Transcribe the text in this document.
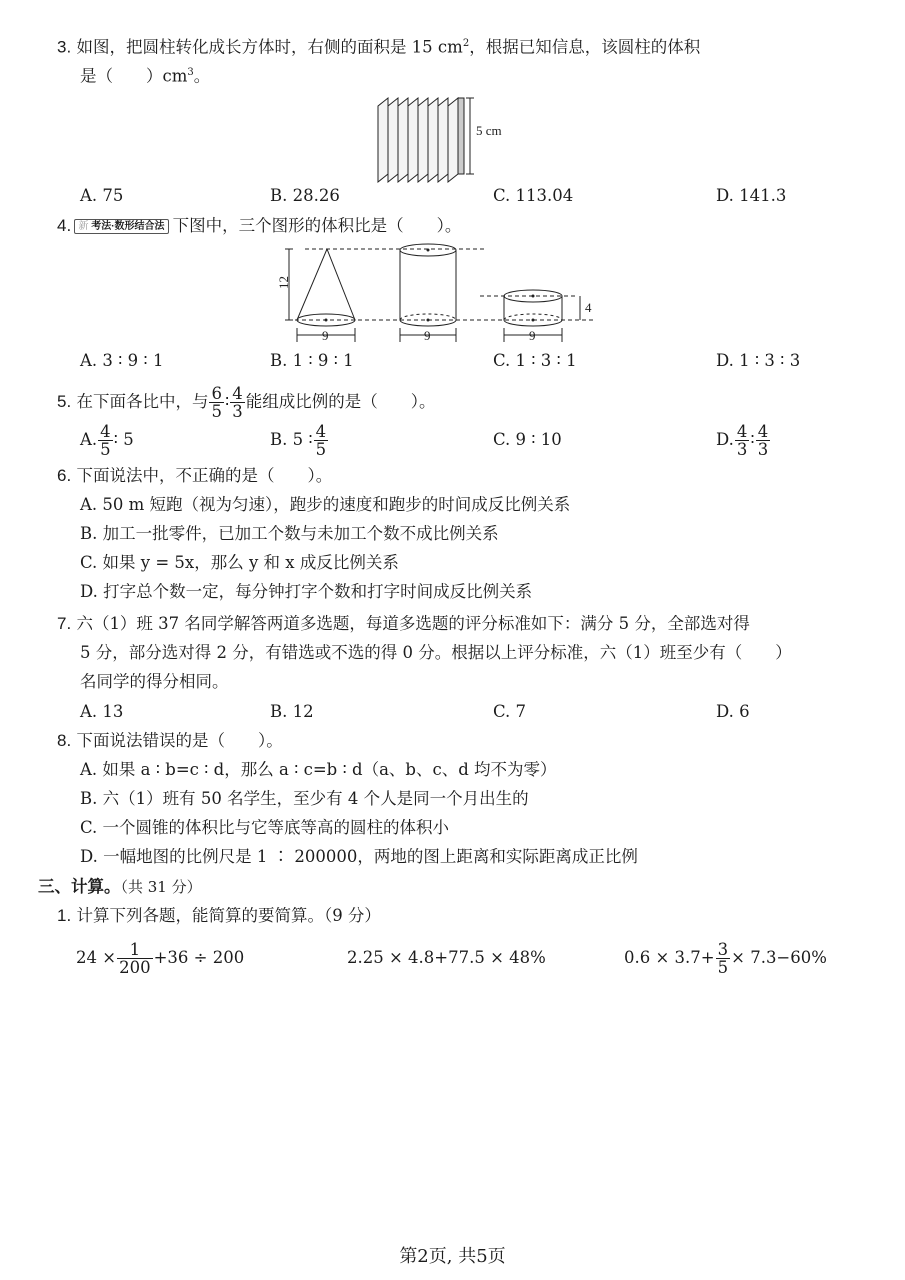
3. 如图，把圆柱转化成长方体时，右侧的面积是 15 $cm^2$，根据已知信息，该圆柱的体积
是（　　）$cm^3$。
5 cm
A. 75	B. 28.26	C. 113.04	D. 141.3
4. 新 考法·数形结合法 下图中，三个图形的体积比是（　　）。
12
9	9	9
4
A. 3 ∶ 9 ∶ 1	B. 1 ∶ 9 ∶ 1	C. 1 ∶ 3 ∶ 1	D. 1 ∶ 3 ∶ 3
5. 在下面各比中，与 $\frac{6}{5}$ ∶ $\frac{4}{3}$ 能组成比例的是（　　）。
A. $\frac{4}{5}$ ∶ 5	B. 5 ∶ $\frac{4}{5}$	C. 9 ∶ 10	D. $\frac{4}{3}$ ∶ $\frac{4}{3}$
6. 下面说法中，不正确的是（　　）。
A. 50 m 短跑（视为匀速），跑步的速度和跑步的时间成反比例关系
B. 加工一批零件，已加工个数与未加工个数不成比例关系
C. 如果 y = 5x，那么 y 和 x 成反比例关系
D. 打字总个数一定，每分钟打字个数和打字时间成反比例关系
7. 六（1）班 37 名同学解答两道多选题，每道多选题的评分标准如下：满分 5 分，全部选对得
5 分，部分选对得 2 分，有错选或不选的得 0 分。根据以上评分标准，六（1）班至少有（　　）
名同学的得分相同。
A. 13	B. 12	C. 7	D. 6
8. 下面说法错误的是（　　）。
A. 如果 a ∶ b=c ∶ d，那么 a ∶ c=b ∶ d（a、b、c、d 均不为零）
B. 六（1）班有 50 名学生，至少有 4 个人是同一个月出生的
C. 一个圆锥的体积比与它等底等高的圆柱的体积小
D. 一幅地图的比例尺是 1 ∶ 200000，两地的图上距离和实际距离成正比例
三、计算。（共 31 分）
1. 计算下列各题，能简算的要简算。（9 分）
$24 \times \frac{1}{200} +36 \div 200$	2.25 × 4.8+77.5 × 48%	$0.6 \times 3.7+ \frac{3}{5} \times 7.3-60\%$
第2页, 共5页
